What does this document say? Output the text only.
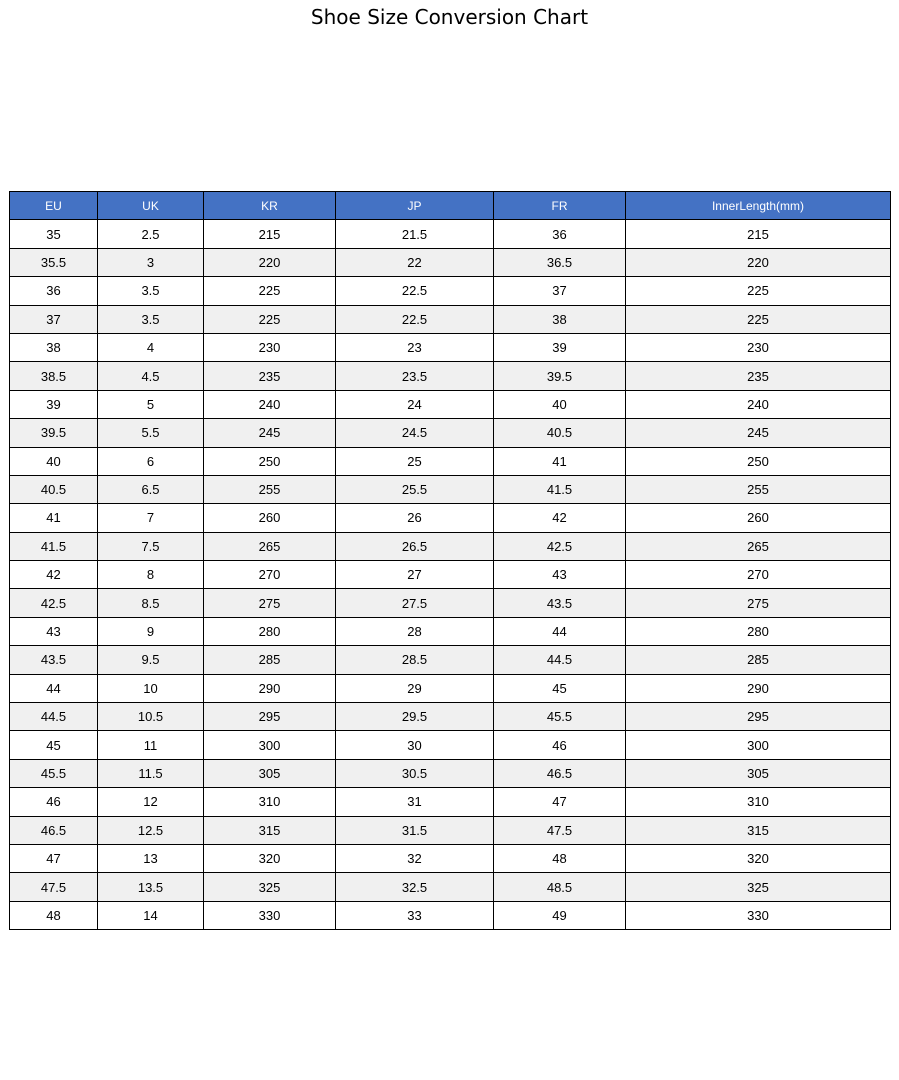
Shoe Size Conversion Chart
EU	UK	KR	JP	FR	InnerLength(mm)
35	2.5	215	21.5	36	215
35.5	3	220	22	36.5	220
36	3.5	225	22.5	37	225
37	3.5	225	22.5	38	225
38	4	230	23	39	230
38.5	4.5	235	23.5	39.5	235
39	5	240	24	40	240
39.5	5.5	245	24.5	40.5	245
40	6	250	25	41	250
40.5	6.5	255	25.5	41.5	255
41	7	260	26	42	260
41.5	7.5	265	26.5	42.5	265
42	8	270	27	43	270
42.5	8.5	275	27.5	43.5	275
43	9	280	28	44	280
43.5	9.5	285	28.5	44.5	285
44	10	290	29	45	290
44.5	10.5	295	29.5	45.5	295
45	11	300	30	46	300
45.5	11.5	305	30.5	46.5	305
46	12	310	31	47	310
46.5	12.5	315	31.5	47.5	315
47	13	320	32	48	320
47.5	13.5	325	32.5	48.5	325
48	14	330	33	49	330
